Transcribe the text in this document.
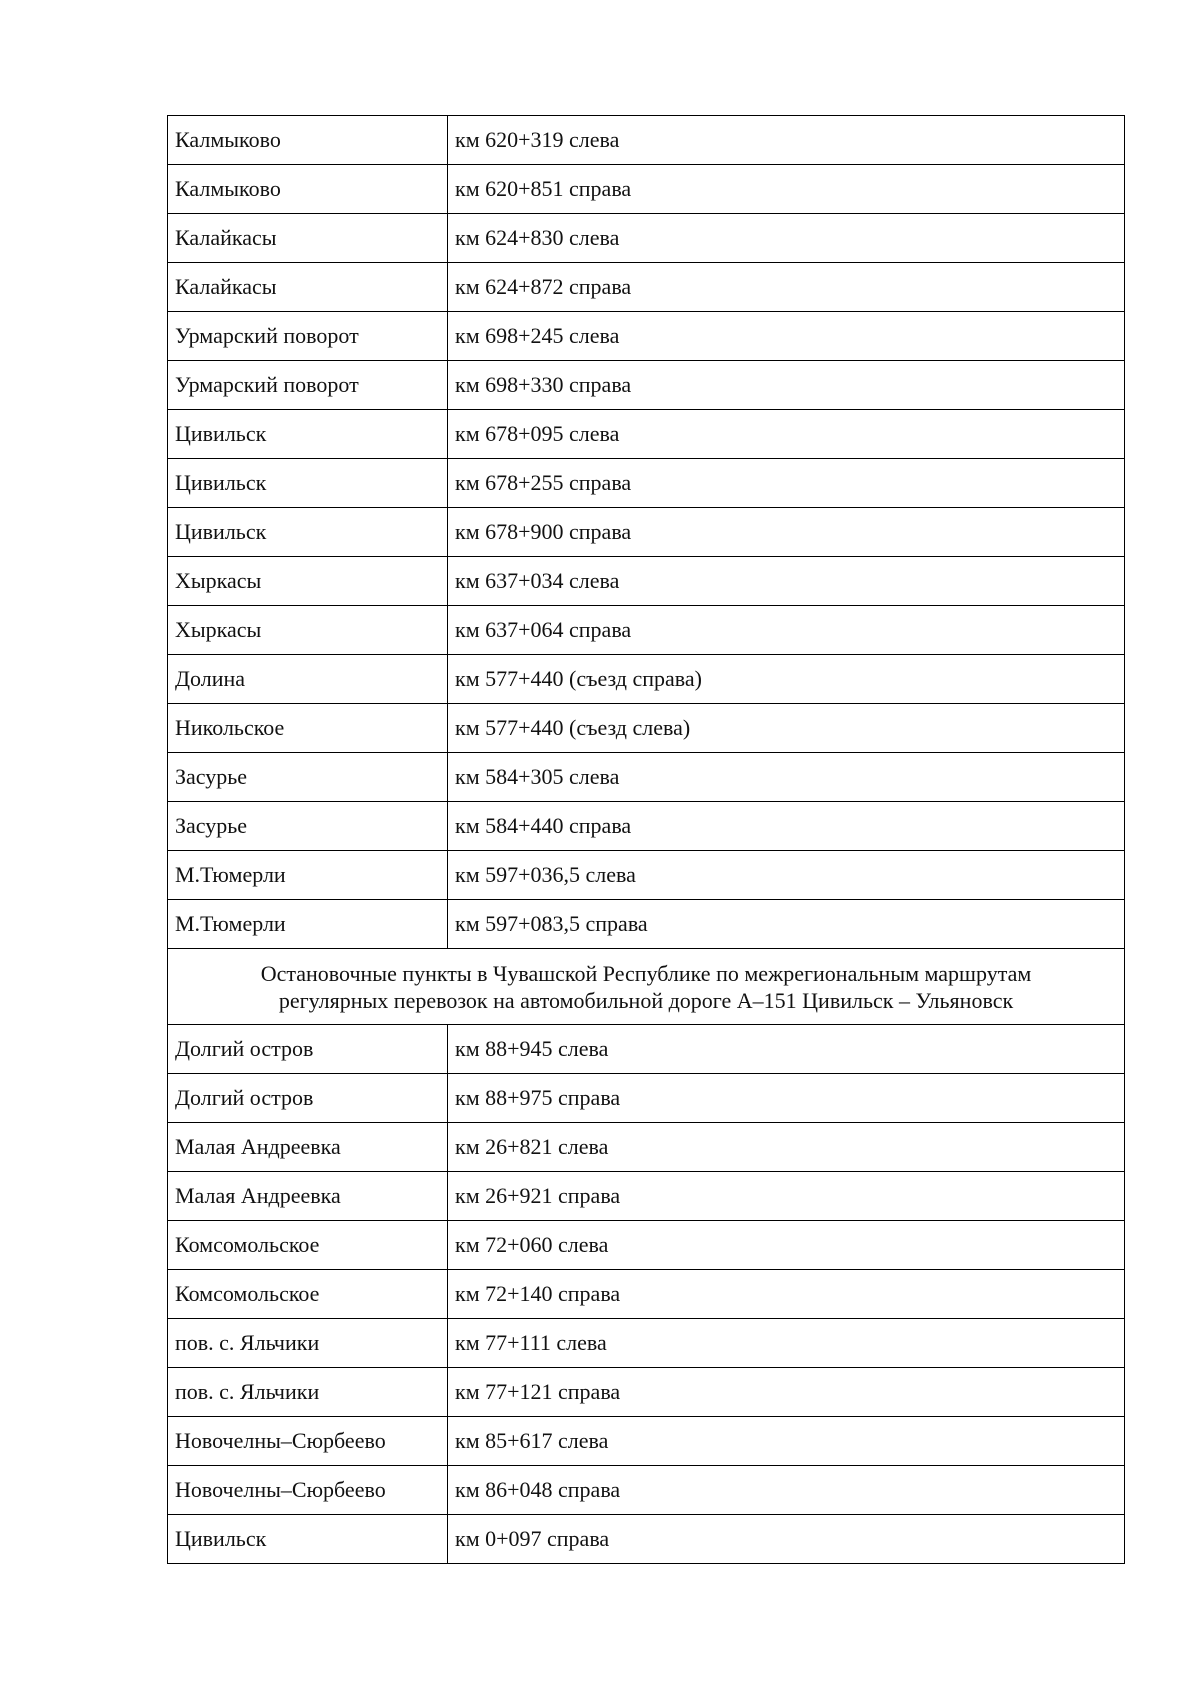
Калмыково	км 620+319 слева
Калмыково	км 620+851 справа
Калайкасы	км 624+830 слева
Калайкасы	км 624+872 справа
Урмарский поворот	км 698+245 слева
Урмарский поворот	км 698+330 справа
Цивильск	км 678+095 слева
Цивильск	км 678+255 справа
Цивильск	км 678+900 справа
Хыркасы	км 637+034 слева
Хыркасы	км 637+064 справа
Долина	км 577+440 (съезд справа)
Никольское	км 577+440 (съезд слева)
Засурье	км 584+305 слева
Засурье	км 584+440 справа
М.Тюмерли	км 597+036,5 слева
М.Тюмерли	км 597+083,5 справа

Остановочные пункты в Чувашской Республике по межрегиональным маршрутам
регулярных перевозок на автомобильной дороге А–151 Цивильск – Ульяновск	

Долгий остров	км 88+945 слева
Долгий остров	км 88+975 справа
Малая Андреевка	км 26+821 слева
Малая Андреевка	км 26+921 справа
Комсомольское	км 72+060 слева
Комсомольское	км 72+140 справа
пов. с. Яльчики	км 77+111 слева
пов. с. Яльчики	км 77+121 справа
Новочелны–Сюрбеево	км 85+617 слева
Новочелны–Сюрбеево	км 86+048 справа
Цивильск	км 0+097 справа
